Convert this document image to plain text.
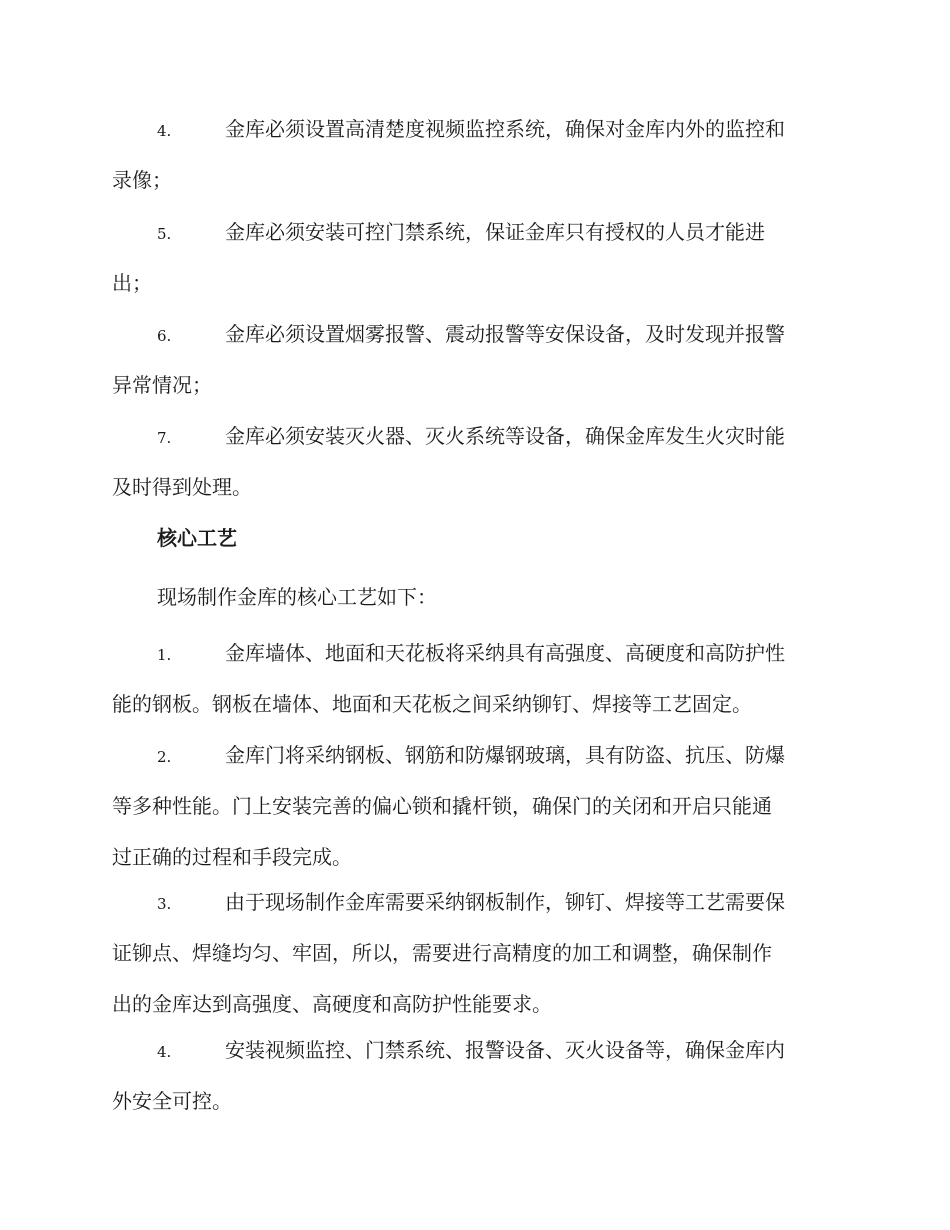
4.	金库必须设置高清楚度视频监控系统，确保对金库内外的监控和
录像；

5.	金库必须安装可控门禁系统，保证金库只有授权的人员才能进
出；

6.	金库必须设置烟雾报警、震动报警等安保设备，及时发现并报警
异常情况；

7.	金库必须安装灭火器、灭火系统等设备，确保金库发生火灾时能
及时得到处理。

核心工艺

现场制作金库的核心工艺如下：

1.	金库墙体、地面和天花板将采纳具有高强度、高硬度和高防护性
能的钢板。钢板在墙体、地面和天花板之间采纳铆钉、焊接等工艺固定。

2.	金库门将采纳钢板、钢筋和防爆钢玻璃，具有防盗、抗压、防爆
等多种性能。门上安装完善的偏心锁和撬杆锁，确保门的关闭和开启只能通
过正确的过程和手段完成。

3.	由于现场制作金库需要采纳钢板制作，铆钉、焊接等工艺需要保
证铆点、焊缝均匀、牢固，所以，需要进行高精度的加工和调整，确保制作
出的金库达到高强度、高硬度和高防护性能要求。

4.	安装视频监控、门禁系统、报警设备、灭火设备等，确保金库内
外安全可控。
